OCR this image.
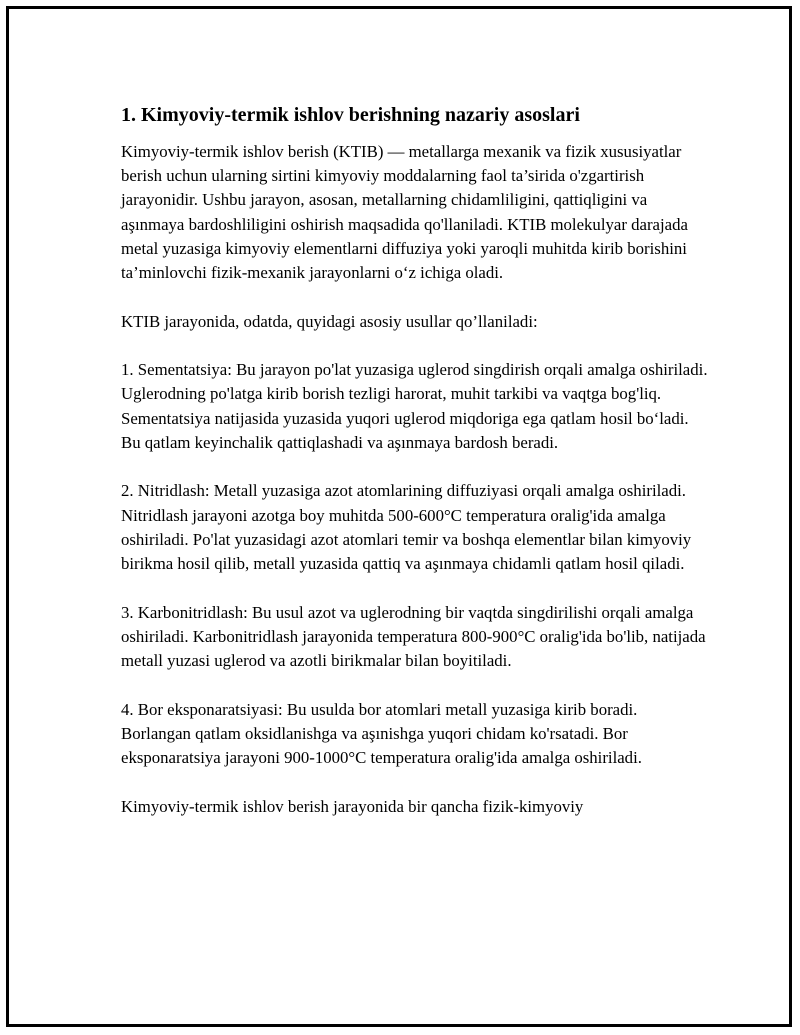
1. Kimyoviy-termik ishlov berishning nazariy asoslari

Kimyoviy-termik ishlov berish (KTIB) — metallarga mexanik va fizik xususiyatlar berish uchun ularning sirtini kimyoviy moddalarning faol ta’sirida o'zgartirish jarayonidir. Ushbu jarayon, asosan, metallarning chidamliligini, qattiqligini va aşınmaya bardoshliligini oshirish maqsadida qo'llaniladi. KTIB molekulyar darajada metal yuzasiga kimyoviy elementlarni diffuziya yoki yaroqli muhitda kirib borishini ta’minlovchi fizik-mexanik jarayonlarni o‘z ichiga oladi.

KTIB jarayonida, odatda, quyidagi asosiy usullar qo’llaniladi:

1. Sementatsiya: Bu jarayon po'lat yuzasiga uglerod singdirish orqali amalga oshiriladi. Uglerodning po'latga kirib borish tezligi harorat, muhit tarkibi va vaqtga bog'liq. Sementatsiya natijasida yuzasida yuqori uglerod miqdoriga ega qatlam hosil bo‘ladi. Bu qatlam keyinchalik qattiqlashadi va aşınmaya bardosh beradi.

2. Nitridlash: Metall yuzasiga azot atomlarining diffuziyasi orqali amalga oshiriladi. Nitridlash jarayoni azotga boy muhitda 500-600°C temperatura oralig'ida amalga oshiriladi. Po'lat yuzasidagi azot atomlari temir va boshqa elementlar bilan kimyoviy birikma hosil qilib, metall yuzasida qattiq va aşınmaya chidamli qatlam hosil qiladi.

3. Karbonitridlash: Bu usul azot va uglerodning bir vaqtda singdirilishi orqali amalga oshiriladi. Karbonitridlash jarayonida temperatura 800-900°C oralig'ida bo'lib, natijada metall yuzasi uglerod va azotli birikmalar bilan boyitiladi.

4. Bor eksponaratsiyasi: Bu usulda bor atomlari metall yuzasiga kirib boradi. Borlangan qatlam oksidlanishga va aşınishga yuqori chidam ko'rsatadi. Bor eksponaratsiya jarayoni 900-1000°C temperatura oralig'ida amalga oshiriladi.

Kimyoviy-termik ishlov berish jarayonida bir qancha fizik-kimyoviy
